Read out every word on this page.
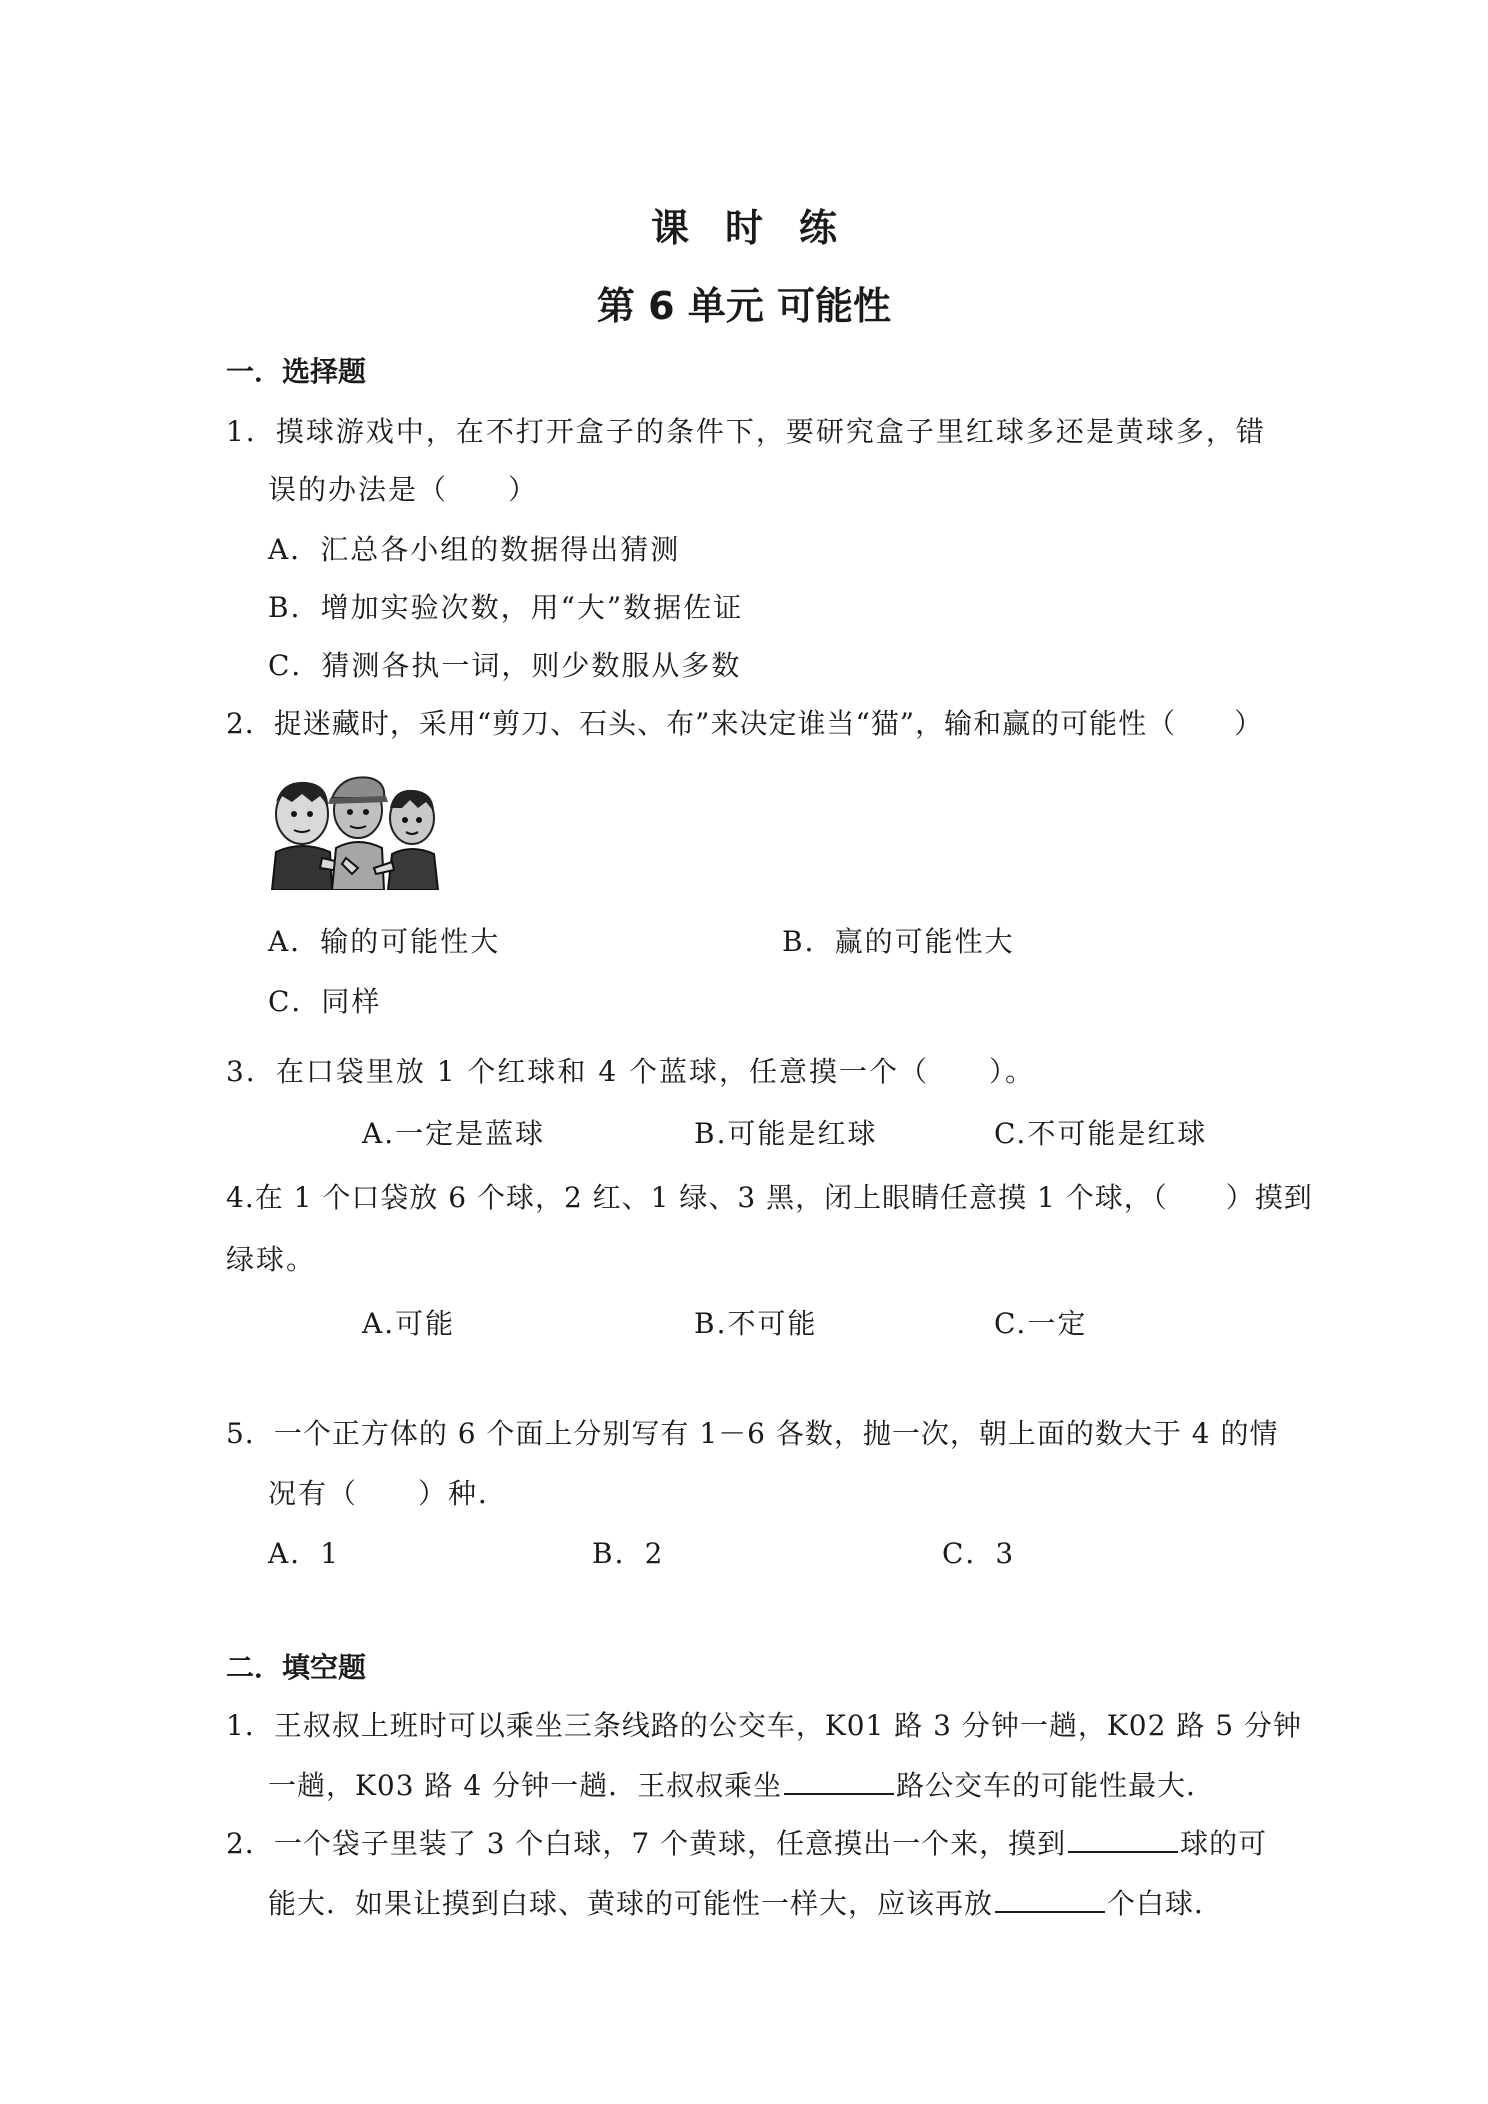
课 时 练
第 6 单元 可能性
一．选择题
1．摸球游戏中，在不打开盒子的条件下，要研究盒子里红球多还是黄球多，错
误的办法是（　　）
A．汇总各小组的数据得出猜测
B．增加实验次数，用“大”数据佐证
C．猜测各执一词，则少数服从多数
2．捉迷藏时，采用“剪刀、石头、布”来决定谁当“猫”，输和赢的可能性（　　）
A．输的可能性大	B．赢的可能性大
C．同样
3．在口袋里放 1 个红球和 4 个蓝球，任意摸一个（　　）。
A.一定是蓝球	B.可能是红球	C.不可能是红球
4.在 1 个口袋放 6 个球，2 红、1 绿、3 黑，闭上眼睛任意摸 1 个球，（　　）摸到
绿球。
A.可能	B.不可能	C.一定
5．一个正方体的 6 个面上分别写有 1－6 各数，抛一次，朝上面的数大于 4 的情
况有（　　）种．
A．1	B．2	C．3
二．填空题
1．王叔叔上班时可以乘坐三条线路的公交车，K01 路 3 分钟一趟，K02 路 5 分钟
一趟，K03 路 4 分钟一趟．王叔叔乘坐	路公交车的可能性最大．
2．一个袋子里装了 3 个白球，7 个黄球，任意摸出一个来，摸到	球的可
能大．如果让摸到白球、黄球的可能性一样大，应该再放	个白球．
